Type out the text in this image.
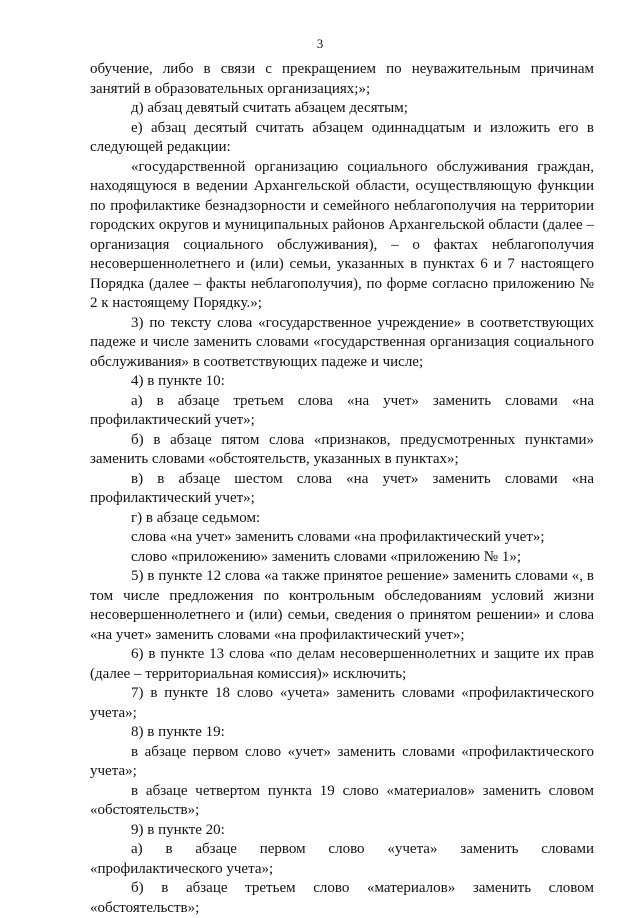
3

обучение, либо в связи с прекращением по неуважительным причинам занятий в образовательных организациях;»;

д) абзац девятый считать абзацем десятым;

е) абзац десятый считать абзацем одиннадцатым и изложить его в следующей редакции:

«государственной организацию социального обслуживания граждан, находящуюся в ведении Архангельской области, осуществляющую функции по профилактике безнадзорности и семейного неблагополучия на территории городских округов и муниципальных районов Архангельской области (далее – организация социального обслуживания), – о фактах неблагополучия несовершеннолетнего и (или) семьи, указанных в пунктах 6 и 7 настоящего Порядка (далее – факты неблагополучия), по форме согласно приложению № 2 к настоящему Порядку.»;

3) по тексту слова «государственное учреждение» в соответствующих падеже и числе заменить словами «государственная организация социального обслуживания» в соответствующих падеже и числе;

4) в пункте 10:

а) в абзаце третьем слова «на учет» заменить словами «на профилактический учет»;

б) в абзаце пятом слова «признаков, предусмотренных пунктами» заменить словами «обстоятельств, указанных в пунктах»;

в) в абзаце шестом слова «на учет» заменить словами «на профилактический учет»;

г) в абзаце седьмом:

слова «на учет» заменить словами «на профилактический учет»;

слово «приложению» заменить словами «приложению № 1»;

5) в пункте 12 слова «а также принятое решение» заменить словами «, в том числе предложения по контрольным обследованиям условий жизни несовершеннолетнего и (или) семьи, сведения о принятом решении» и слова «на учет» заменить словами «на профилактический учет»;

6) в пункте 13 слова «по делам несовершеннолетних и защите их прав (далее – территориальная комиссия)» исключить;

7) в пункте 18 слово «учета» заменить словами «профилактического учета»;

8) в пункте 19:

в абзаце первом слово «учет» заменить словами «профилактического учета»;

в абзаце четвертом пункта 19 слово «материалов» заменить словом «обстоятельств»;

9) в пункте 20:

а) в абзаце первом слово «учета» заменить словами «профилактического учета»;

б) в абзаце третьем слово «материалов» заменить словом «обстоятельств»;
